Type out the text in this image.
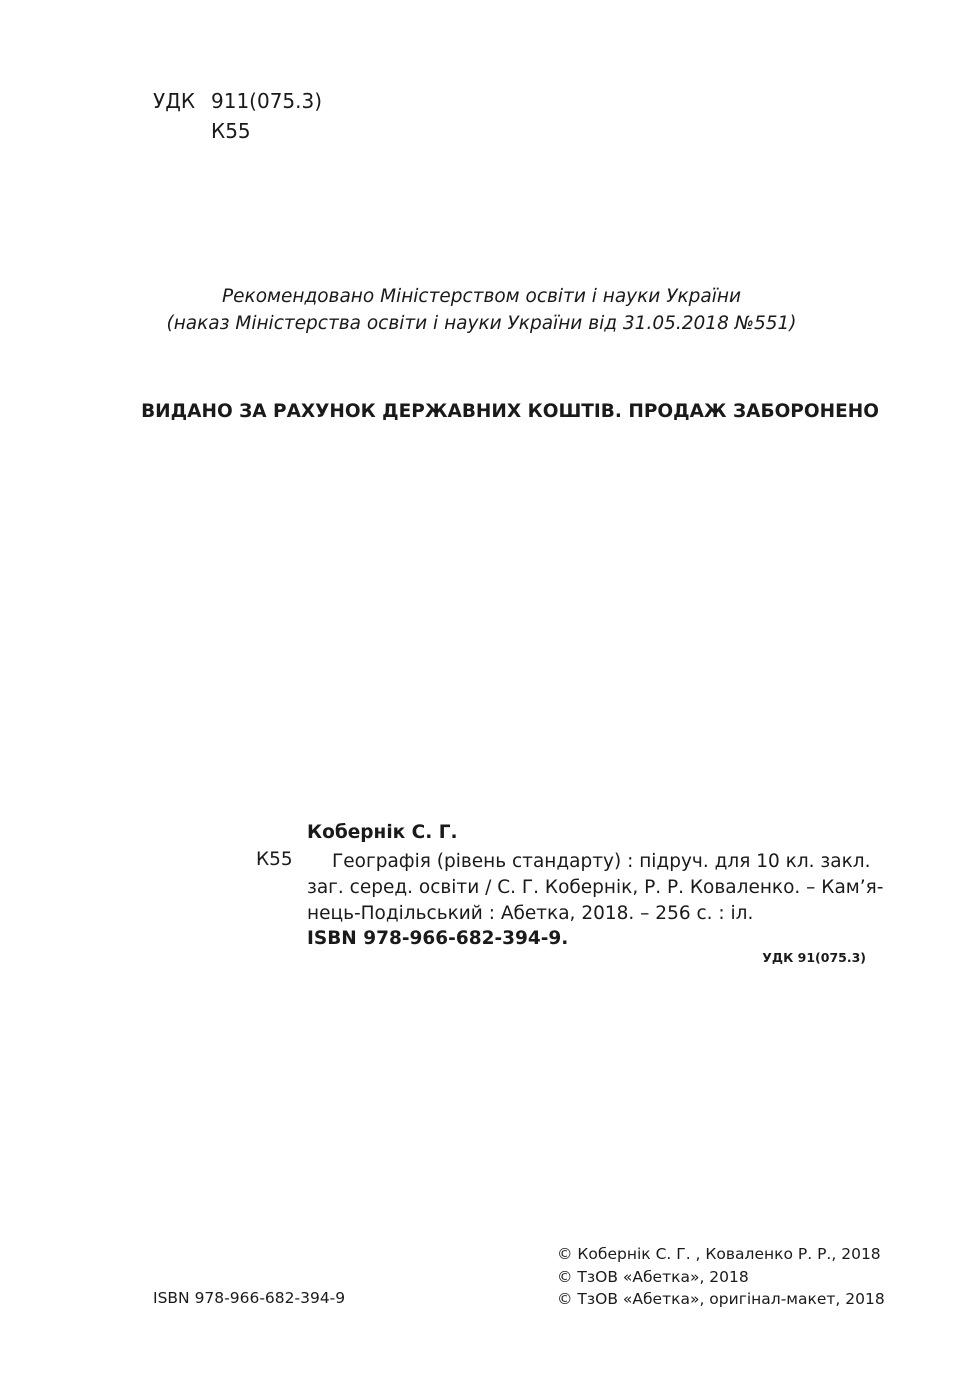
УДК 911(075.3)
К55
Рекомендовано Міністерством освіти і науки України
(наказ Міністерства освіти і науки України від 31.05.2018 №551)
ВИДАНО ЗА РАХУНОК ДЕРЖАВНИХ КОШТІВ. ПРОДАЖ ЗАБОРОНЕНО
Кобернік С. Г.
К55	Географія (рівень стандарту) : підруч. для 10 кл. закл.
заг. серед. освіти / С. Г. Кобернік, Р. Р. Коваленко. – Кам’я-
нець-Подільський : Абетка, 2018. – 256 с. : іл.
ISBN 978-966-682-394-9.
УДК 91(075.3)
ISBN 978-966-682-394-9
© Кобернік С. Г. , Коваленко Р. Р., 2018
© ТзОВ «Абетка», 2018
© ТзОВ «Абетка», оригінал-макет, 2018
